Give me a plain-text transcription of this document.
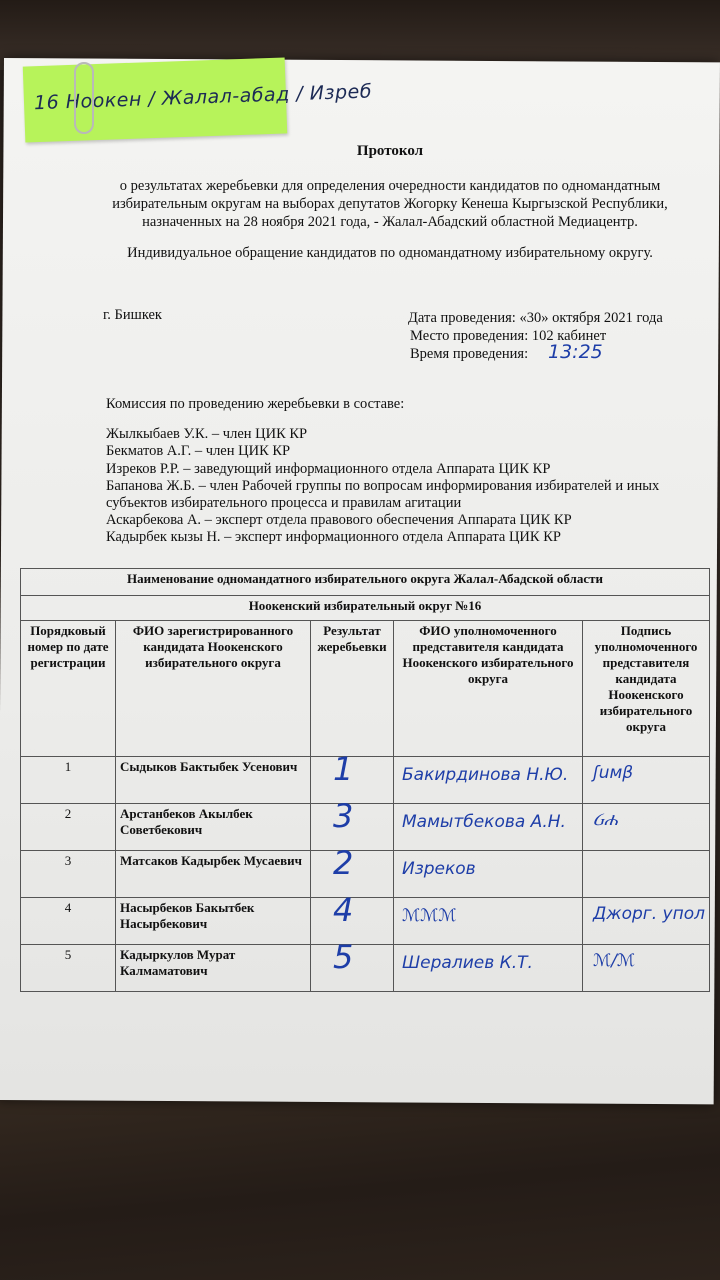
16 Ноокен / Жалал-абад / Изреб
Протокол
о результатах жеребьевки для определения очередности кандидатов по одномандатным
избирательным округам на выборах депутатов Жогорку Кенеша Кыргызской Республики,
назначенных на 28 ноября 2021 года, - Жалал-Абадский областной Медиацентр.
Индивидуальное обращение кандидатов по одномандатному избирательному округу.
г. Бишкек	Дата проведения: «30» октября 2021 года
Место проведения: 102 кабинет
Время проведения: 13:25
Комиссия по проведению жеребьевки в составе:
Жылкыбаев У.К. – член ЦИК КР
Бекматов А.Г. – член ЦИК КР
Изреков Р.Р. – заведующий информационного отдела Аппарата ЦИК КР
Бапанова Ж.Б. – член Рабочей группы по вопросам информирования избирателей и иных
субъектов избирательного процесса и правилам агитации
Аскарбекова А. – эксперт отдела правового обеспечения Аппарата ЦИК КР
Кадырбек кызы Н. – эксперт информационного отдела Аппарата ЦИК КР
Наименование одномандатного избирательного округа Жалал-Абадской области				
Ноокенский избирательный округ №16				
Порядковый номер по дате регистрации	ФИО зарегистрированного кандидата Ноокенского избирательного округа	Результат жеребьевки	ФИО уполномоченного представителя кандидата Ноокенского избирательного округа	Подпись уполномоченного представителя кандидата Ноокенского избирательного округа
1	Сыдыков Бактыбек Усенович	1	Бакирдинова Н.Ю.	ʃuᴍβ

2	Арстанбеков Акылбек Советбекович	3	Мамытбекова А.Н.	Ᏽሐ

3	Матсаков Кадырбек Мусаевич	2	Изреков	

4	Насырбеков Бакытбек Насырбекович	4	ℳℳℳ	Джорг. упол

5	Кадыркулов Мурат Калмаматович	5	Шералиев К.Т.	ℳ/ℳ
